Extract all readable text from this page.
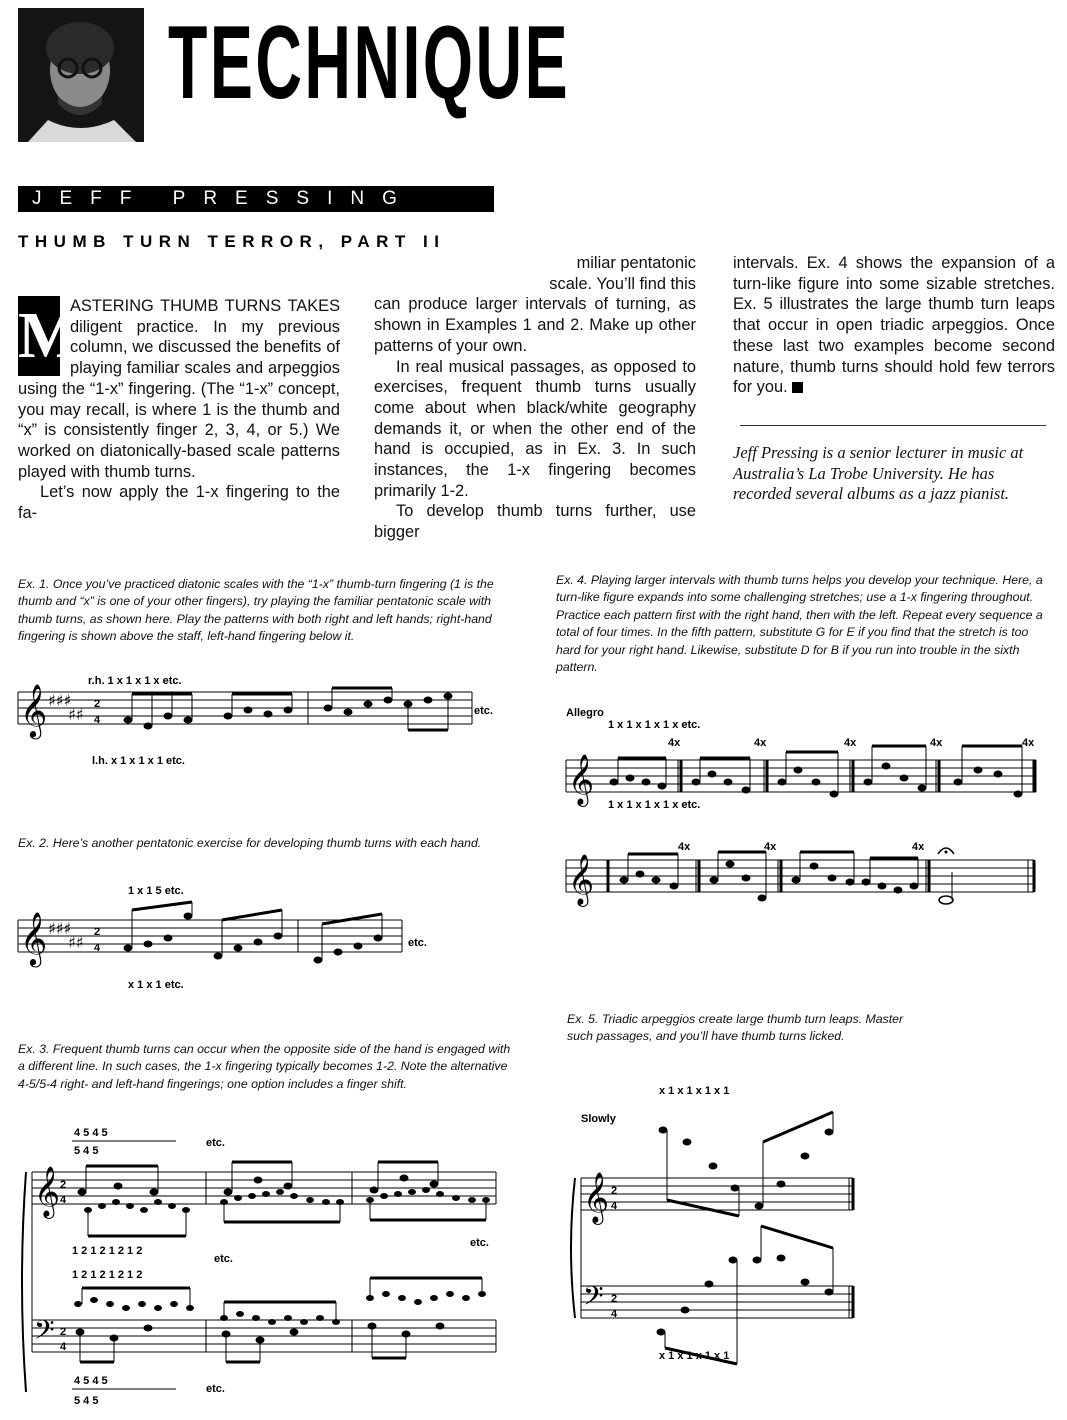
TECHNIQUE
JEFF PRESSING
THUMB TURN TERROR, PART II
M

ASTERING THUMB TURNS TAKES diligent practice. In my previous column, we discussed the benefits of playing familiar scales and arpeggios using the “1-x” fingering. (The “1-x” concept, you may recall, is where 1 is the thumb and “x” is consistently finger 2, 3, 4, or 5.) We worked on diatonically-based scale patterns played with thumb turns.

Let’s now apply the 1-x fingering to the fa-

miliar pentatonic scale. You’ll find this

can produce larger intervals of turning, as shown in Examples 1 and 2. Make up other patterns of your own.

In real musical passages, as opposed to exercises, frequent thumb turns usually come about when black/white geography demands it, or when the other end of the hand is occupied, as in Ex. 3. In such instances, the 1-x fingering becomes primarily 1-2.

To develop thumb turns further, use bigger

intervals. Ex. 4 shows the expansion of a turn-like figure into some sizable stretches. Ex. 5 illustrates the large thumb turn leaps that occur in open triadic arpeggios. Once these last two examples become second nature, thumb turns should hold few terrors for you.

Jeff Pressing is a senior lecturer in music at Australia’s La Trobe University. He has recorded several albums as a jazz pianist.
Ex. 1. Once you’ve practiced diatonic scales with the “1-x” thumb-turn fingering (1 is the thumb and “x” is one of your other fingers), try playing the familiar pentatonic scale with thumb turns, as shown here. Play the patterns with both right and left hands; right-hand fingering is shown above the staff, left-hand fingering below it.
𝄞 ♯♯♯
♯♯
2
4
r.h. 1 x 1 x 1 x etc.
l.h. x 1 x 1 x 1 etc.
etc.
Ex. 2. Here’s another pentatonic exercise for developing thumb turns with each hand.
𝄞 ♯♯♯
♯♯
2
4
1 x 1 5 etc.
x 1 x 1 etc.
etc.
Ex. 3. Frequent thumb turns can occur when the opposite side of the hand is engaged with a different line. In such cases, the 1-x fingering typically becomes 1-2. Note the alternative 4-5/5-4 right- and left-hand fingerings; one option includes a finger shift.
4 5 4 5
5 4 5
etc.
𝄞
𝄢
2
4
2
4
1 2 1 2 1 2 1 2
1 2 1 2 1 2 1 2
etc.
etc.
4 5 4 5
5 4 5
etc.
Ex. 4. Playing larger intervals with thumb turns helps you develop your technique. Here, a turn-like figure expands into some challenging stretches; use a 1-x fingering throughout. Practice each pattern first with the right hand, then with the left. Repeat every sequence a total of four times. In the fifth pattern, substitute G for E if you find that the stretch is too hard for your right hand. Likewise, substitute D for B if you run into trouble in the sixth pattern.
Allegro
1 x 1 x 1 x 1 x etc.
𝄞
4x	4x	4x	4x	4x
1 x 1 x 1 x 1 x etc.
𝄞
4x	4x	4x
Ex. 5. Triadic arpeggios create large thumb turn leaps. Master such passages, and you’ll have thumb turns licked.
x 1 x 1 x 1 x 1
Slowly
𝄞
𝄢
2
4
2
4
x 1 x 1 x 1 x 1
